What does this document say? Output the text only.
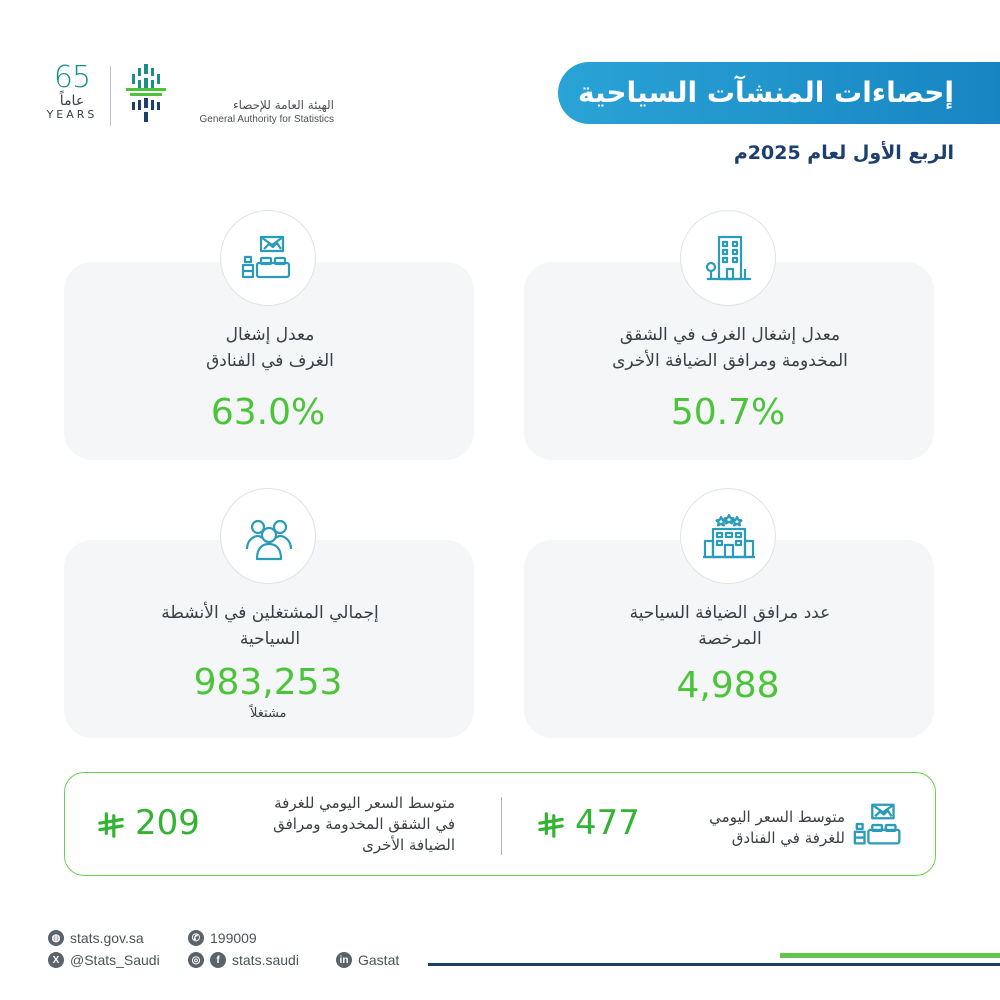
65
عاماً
YEARS
الهيئة العامة للإحصاء
General Authority for Statistics
إحصاءات المنشآت السياحية
الربع الأول لعام 2025م
معدل إشغال
الغرف في الفنادق
63.0%
معدل إشغال الغرف في الشقق
المخدومة ومرافق الضيافة الأخرى
50.7%
إجمالي المشتغلين في الأنشطة
السياحية
983,253
مشتغلاً
عدد مرافق الضيافة السياحية
المرخصة
4,988
متوسط السعر اليومي
للغرفة في الفنادق
477
متوسط السعر اليومي للغرفة
في الشقق المخدومة ومرافق
الضيافة الأخرى
209
◍ stats.gov.sa	✆ 199009
X @Stats_Saudi	◎	f stats.saudi	in Gastat
